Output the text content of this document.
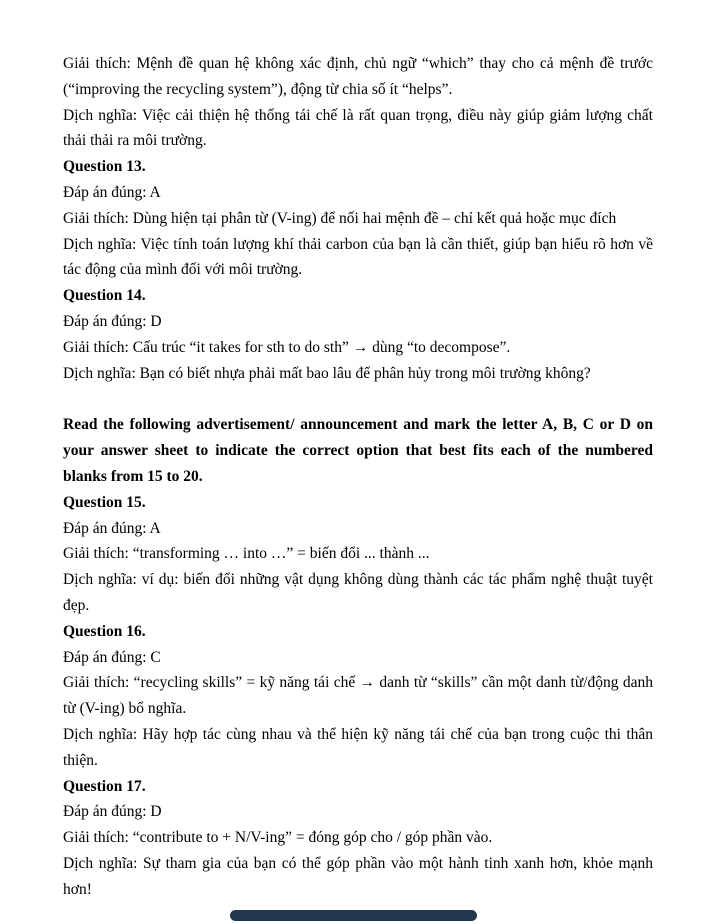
Giải thích: Mệnh đề quan hệ không xác định, chủ ngữ “which” thay cho cả mệnh đề trước (“improving the recycling system”), động từ chia số ít “helps”.

Dịch nghĩa: Việc cải thiện hệ thống tái chế là rất quan trọng, điều này giúp giảm lượng chất thải thải ra môi trường.

Question 13.

Đáp án đúng: A

Giải thích: Dùng hiện tại phân từ (V-ing) để nối hai mệnh đề – chỉ kết quả hoặc mục đích

Dịch nghĩa: Việc tính toán lượng khí thải carbon của bạn là cần thiết, giúp bạn hiểu rõ hơn về tác động của mình đối với môi trường.

Question 14.

Đáp án đúng: D

Giải thích: Cấu trúc “it takes for sth to do sth” → dùng “to decompose”.

Dịch nghĩa: Bạn có biết nhựa phải mất bao lâu để phân hủy trong môi trường không?

Read the following advertisement/ announcement and mark the letter A, B, C or D on your answer sheet to indicate the correct option that best fits each of the numbered blanks from 15 to 20.

Question 15.

Đáp án đúng: A

Giải thích: “transforming … into …” = biến đổi ... thành ...

Dịch nghĩa: ví dụ: biến đổi những vật dụng không dùng thành các tác phẩm nghệ thuật tuyệt đẹp.

Question 16.

Đáp án đúng: C

Giải thích: “recycling skills” = kỹ năng tái chế → danh từ “skills” cần một danh từ/động danh từ (V-ing) bổ nghĩa.

Dịch nghĩa: Hãy hợp tác cùng nhau và thể hiện kỹ năng tái chế của bạn trong cuộc thi thân thiện.

Question 17.

Đáp án đúng: D

Giải thích: “contribute to + N/V-ing” = đóng góp cho / góp phần vào.

Dịch nghĩa: Sự tham gia của bạn có thể góp phần vào một hành tinh xanh hơn, khỏe mạnh hơn!
